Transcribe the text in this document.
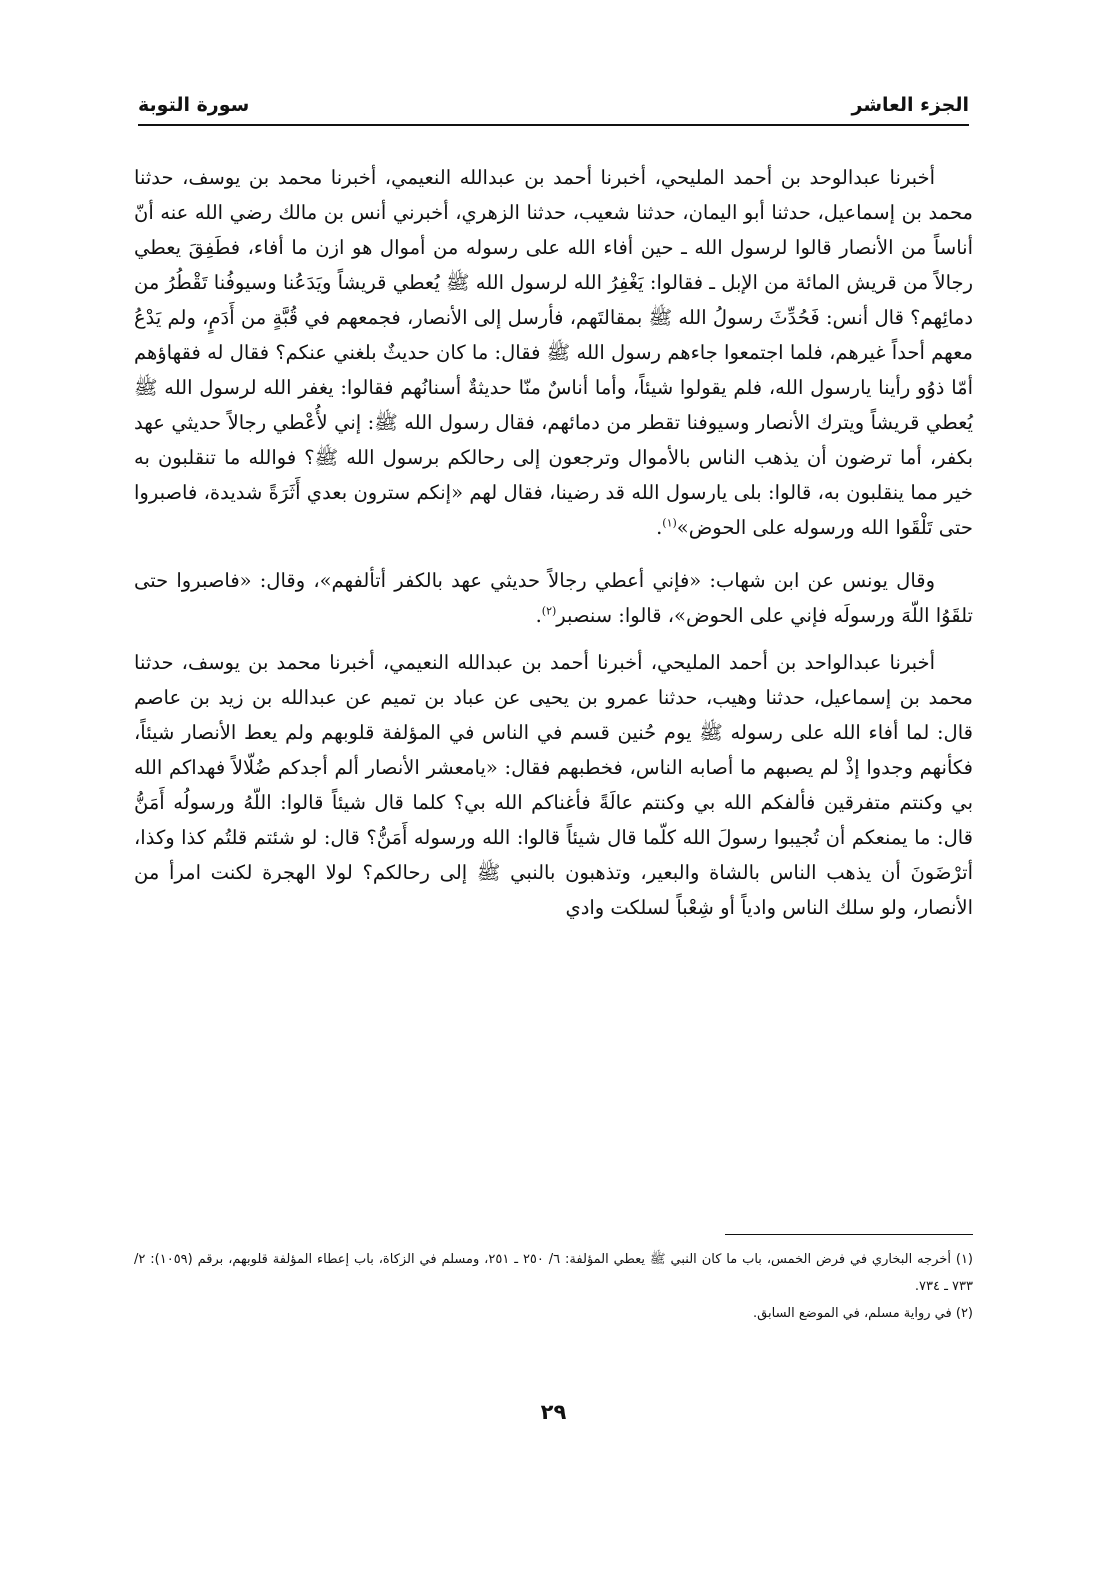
الجزء العاشر
سورة التوبة

أخبرنا عبدالوحد بن أحمد المليحي، أخبرنا أحمد بن عبدالله النعيمي، أخبرنا محمد بن يوسف، حدثنا محمد بن إسماعيل، حدثنا أبو اليمان، حدثنا شعيب، حدثنا الزهري، أخبرني أنس بن مالك رضي الله عنه أنّ أناساً من الأنصار قالوا لرسول الله ـ حين أفاء الله على رسوله من أموال هو ازن ما أفاء، فطَفِقَ يعطي رجالاً من قريش المائة من الإبل ـ فقالوا: يَغْفِرُ الله لرسول الله ﷺ يُعطي قريشاً ويَدَعُنا وسيوفُنا تَقْطُرُ من دمائِهم؟ قال أنس: فَحُدِّثَ رسولُ الله ﷺ بمقالتَهم، فأرسل إلى الأنصار، فجمعهم في قُبَّةٍ من أَدَمٍ، ولم يَدْعُ معهم أحداً غيرهم، فلما اجتمعوا جاءهم رسول الله ﷺ فقال: ما كان حديثٌ بلغني عنكم؟ فقال له فقهاؤهم أمّا ذوُو رأينا يارسول الله، فلم يقولوا شيئاً، وأما أناسٌ منّا حديثةٌ أسنانُهم فقالوا: يغفر الله لرسول الله ﷺ يُعطي قريشاً ويترك الأنصار وسيوفنا تقطر من دمائهم، فقال رسول الله ﷺ: إني لأُعْطي رجالاً حديثي عهد بكفر، أما ترضون أن يذهب الناس بالأموال وترجعون إلى رحالكم برسول الله ﷺ؟ فوالله ما تنقلبون به خير مما ينقلبون به، قالوا: بلى يارسول الله قد رضينا، فقال لهم «إنكم سترون بعدي أَثَرَةً شديدة، فاصبروا حتى تَلْقَوا الله ورسوله على الحوض»$^{(١)}$.

وقال يونس عن ابن شهاب: «فإني أعطي رجالاً حديثي عهد بالكفر أتألفهم»، وقال: «فاصبروا حتى تلقَوُا اللّهَ ورسولَه فإني على الحوض»، قالوا: سنصبر$^{(٢)}$.

أخبرنا عبدالواحد بن أحمد المليحي، أخبرنا أحمد بن عبدالله النعيمي، أخبرنا محمد بن يوسف، حدثنا محمد بن إسماعيل، حدثنا وهيب، حدثنا عمرو بن يحيى عن عباد بن تميم عن عبدالله بن زيد بن عاصم قال: لما أفاء الله على رسوله ﷺ يوم حُنين قسم في الناس في المؤلفة قلوبهم ولم يعط الأنصار شيئاً، فكأنهم وجدوا إذْ لم يصبهم ما أصابه الناس، فخطبهم فقال: «يامعشر الأنصار ألم أجدكم ضُلّالاً فهداكم الله بي وكنتم متفرقين فألفكم الله بي وكنتم عالَةً فأغناكم الله بي؟ كلما قال شيئاً قالوا: اللّهُ ورسولُه أَمَنُّ قال: ما يمنعكم أن تُجيبوا رسولَ الله كلّما قال شيئاً قالوا: الله ورسوله أَمَنُّ؟ قال: لو شئتم قلتُم كذا وكذا، أترْضَونَ أن يذهب الناس بالشاة والبعير، وتذهبون بالنبي ﷺ إلى رحالكم؟ لولا الهجرة لكنت امرأ من الأنصار، ولو سلك الناس وادياً أو شِعْباً لسلكت وادي

(١) أخرجه البخاري في فرض الخمس، باب ما كان النبي ﷺ يعطي المؤلفة: ٦/ ٢٥٠ ـ ٢٥١، ومسلم في الزكاة، باب إعطاء المؤلفة قلوبهم، برقم (١٠٥٩): ٢/ ٧٣٣ ـ ٧٣٤.

(٢) في رواية مسلم، في الموضع السابق.

٢٩
